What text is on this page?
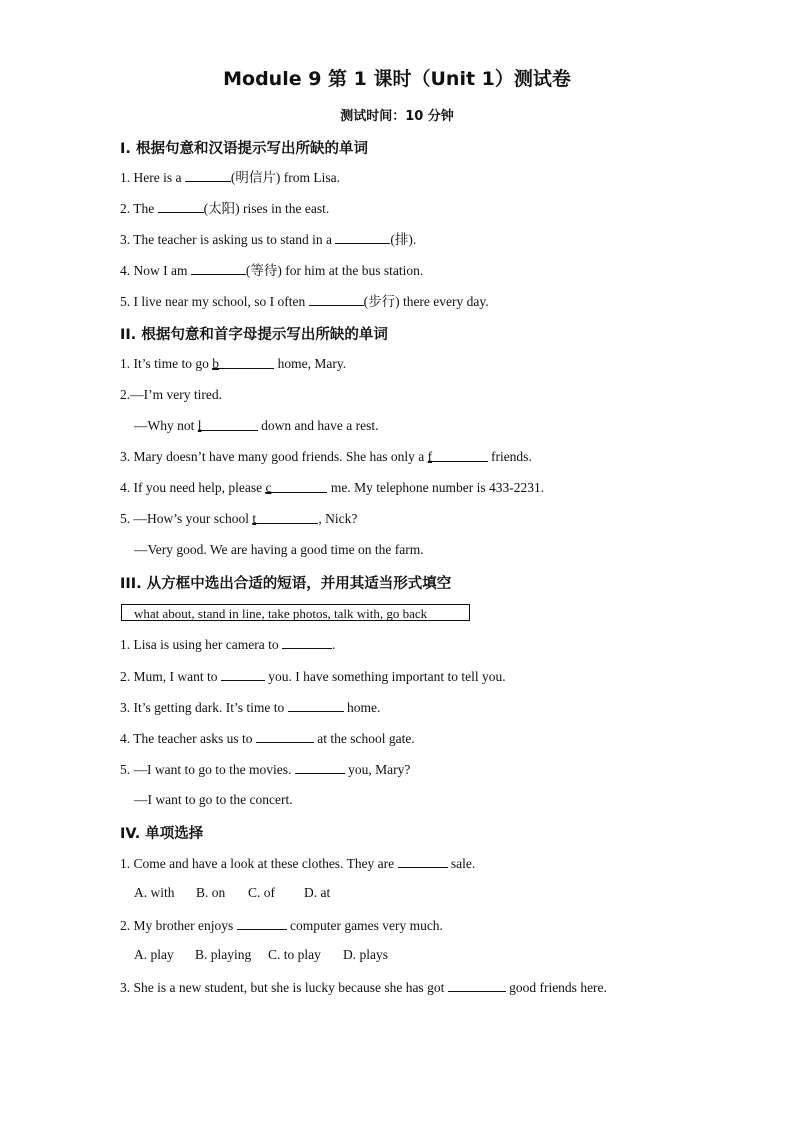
Module 9 第 1 课时（Unit 1）测试卷
测试时间：10 分钟
Ⅰ. 根据句意和汉语提示写出所缺的单词
1. Here is a	(明信片) from Lisa.
2. The	(太阳) rises in the east.
3. The teacher is asking us to stand in a	(排).
4. Now I am	(等待) for him at the bus station.
5. I live near my school, so I often	(步行) there every day.
II. 根据句意和首字母提示写出所缺的单词
1. It’s time to go b	home, Mary.
2.—I’m very tired.
—Why not l	down and have a rest.
3. Mary doesn’t have many good friends. She has only a f	friends.
4. If you need help, please c	me. My telephone number is 433-2231.
5. —How’s your school t	, Nick?
—Very good. We are having a good time on the farm.
III. 从方框中选出合适的短语，并用其适当形式填空
what about, stand in line, take photos, talk with, go back
1. Lisa is using her camera to	.
2. Mum, I want to	you. I have something important to tell you.
3. It’s getting dark. It’s time to	home.
4. The teacher asks us to	at the school gate.
5. —I want to go to the movies.	you, Mary?
—I want to go to the concert.
IV. 单项选择
1. Come and have a look at these clothes. They are	sale.
A. with B. on C. of D. at
2. My brother enjoys	computer games very much.
A. play B. playing C. to play D. plays
3. She is a new student, but she is lucky because she has got	good friends here.
